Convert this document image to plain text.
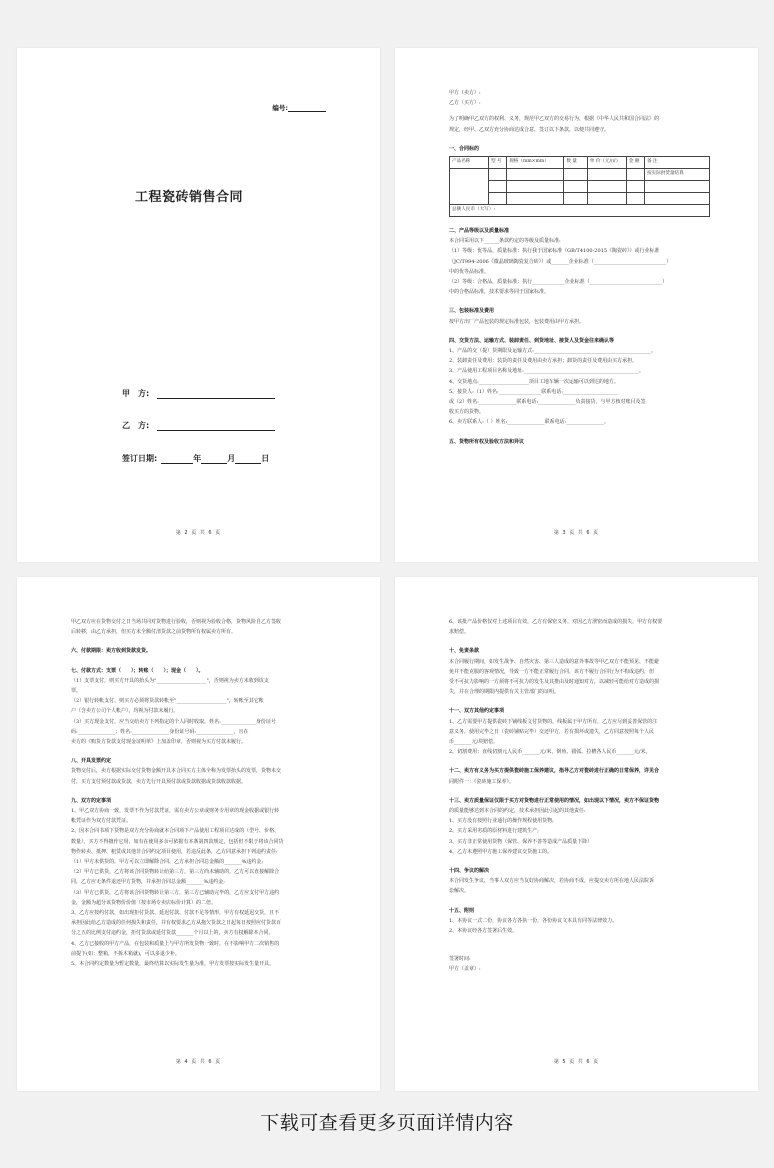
编号:
工程瓷砖销售合同
甲　方:
乙　方:
签订日期:	年	月	日
第 2 页 共 6 页

甲方（卖方）:

乙方（买方）:

为了明确甲乙双方的权利、义务，规范甲乙双方的交易行为，根据《中华人民共和国合同法》的

规定，经甲、乙双方充分协商达成合意，签订以下条款，以便共同遵守。

一、合同标的

产品名称	型 号	规格（mm×mm）	数 量	单 价（元/㎡）	金 额	备 注
						按实际供货量结算

总额人民币（大写）:						

二、产品等级以及质量标准

本合同采用以下______条款约定的等级及质量标准:

（1）等级：优等品，质量标准：执行我于国家标准（GB/T4100-2015《陶瓷砖》）或行业标准

（JC/T994-2006《微晶玻璃陶瓷复合砖》）或_______企业标准（_____________________________）

中的优等品标准。

（2）等级：合格品，质量标准：执行_____________企业标准（_____________________________）

中的合格品标准，技术要求等同于国家标准。

三、包装标准及费用

按甲方出厂产品包装的规定标准包装，包装费用由甲方承担。

四、交货方法、运输方式、装卸责任、到货地址、接货人及货金往来确认等

1、产品的交（提）货期限及运输方式:_______________________________________________。

2、装卸责任及费用：装货的责任及费用由卖方承担；卸货的责任及费用由买方承担。

3、产品使用工程项目名称及地址:______________________________________________。

4、交货地点:____________________项目工地车辆一次运输可以到达的地方。

5、接货人:（1）姓名:_________________联系电话:______________________

或（2）姓名:_______________联系电话:_______________负责接货，与甲方核对账目及签

收买方的货物。

6、卖方联系人:（ ）姓名:_______________联系电话:_______________。

五、货物所有权及验收方法和异议

第 3 页 共 6 页

甲乙双方应在货物交付之日当场共同对货物进行验收，否则视为验收合格，货物风险自乙方签收

后转移，由乙方承担，但买方未全额付清货款之前货物所有权属卖方所有。

六、付款期限：卖方收到货款发货。

七、付款方式：支票（　　）；转账（　　）；现金（　　）。

（1）支票支付，则买方开具的抬头为"____________________"，否则视为卖方未收到该支

票。

（2）银行转帐支付，则买方必须将货款转帐至"____________________"，转帐至其它帐

户（含卖方公司个人帐户），均视为付款未履行。

（3）买方现金支付，应当交给卖方下列指定的个人同时收取，姓名:______________身份证号

码:_______________；姓名:_______________身份证号码:_______________，且在

卖方的《购货方货款支付现金证明单》上加盖印章，否则视为买方付款未履行。

八、开具发票约定

货物交付后，卖方根据实际交付货物金额开具本合同买方主体全称为发票抬头的发票，货物未交

付，买方支付预付款或货款，卖方先行开具预付款或货款收据或货款收款收据。

九、双方的定事项

1、甲乙双方协商一致，发票不作为付款凭证，需有卖方公章或财务专用章的现金收据或银行转

帐凭证作为双方付款凭证。

2、因本合同书项下货物是双方充分协商就本合同项下产品使用工程项目达成的（型号、价格、

数量），买方不得擅作它用，如有在使用多余可依据有本条第四款规定，包括但不限于将该合同货

物作转卖、抵押、租赁或其他非合同约定项目使用，若违反此条，乙方同意承担下列违约责任:

（1）甲方未供货的，甲方可以立即解除合同，乙方承担合同总金额的_______%违约金;

（2）甲方已供货，乙方将该合同货物转让给第三方，第三方尚未辅助的，乙方可以直接解除合

同，乙方应无条件退还甲方货物，并承担合同总金额_______%违约金;

（3）甲方已供货，乙方将该合同货物转让第三方，第三方已辅助完毕的，乙方应支付甲方违约

金，金额为超分该货物价价值（按市场专卖店标价计算）的二倍。

3、乙方应按约付款，如出现拒付货款、延迟付款、付款不足等情形，甲方有权延迟交货，且不

承担因此给乙方造成的任何损失和责任，并有权要求乙方从拖欠货款之日起每日按照应付货款百

分之五的比例支付违约金，拒付货款或延付货款_______个月以上的，卖方有权解除本合同。

4、乙方已接收的甲方产品，在包装和质量上与甲方所发货物一致时，在不影响甲方二次销售的

前提下(如：整箱，不拆木箱就)，可以多退少补。

5、本合同约定数量为暂定数量，最终结算以实际发生量为准，甲方发票按实际发生量开具。

第 4 页 共 6 页

6、该批产品价格仅对上述项目有效，乙方有保密义务，对因乙方泄密而造成的损失，甲方有权要

求赔偿。

十、免责条款

本合同履行期间，如发生战争、自然灾害、第三人造成的意外事故等甲乙双方不能预见、不能避

免并不能克服的客观情况，导致一方不能正常履行合同，该方不履行合同行为不构成违约，但

受不可抗力影响的一方须将不可抗力的发生及其推由及时通知对方，以减轻可能给对方造成的损

失，并在合理的期限内提供有关主管部门的证明。

十一、双方其他约定事项

1、乙方需要甲方提供瓷砖下铺线板文付货物的，线板属于甲方所有，乙方应尽到妥善保管的注

意义务，使用完毕之日（瓷砖铺贴完毕）交还甲方，若有损坏或遗失，乙方同意按照每个人民

币_______元/块赔偿。

2、切割费用：直线切割元人民币_______元/米，倒角、圆弧、拉槽各人民币_______元/米。

十二、卖方有义务为买方提供瓷砖施工保养建议，指导乙方对瓷砖进行正确的日常保养，详见合

同附件一：《瓷砖施工保养》。

十三、卖方质量保证仅限于买方对货物进行正常使用的情况，如出现以下情况，卖方不保证货物

的质量能够达到本合同的约定，技术承担因此引起的其他责任:

1、买方没有按照行业通行的操作规程使用货物;

2、买方采用劣质的原材料进行建筑生产;

3、买方非正常使用货物（保管、保养不善等造成产品质量下降）

4、乙方未遵照甲方施工保养建议交货施工的。

十四、争议的解决

本合同发生争议，当事人双方应当友好协商解决，若协商不成，应提交卖方所在地人民法院诉

讼解决。

十五、附则

1、本协议一式二份，协议各方各执一份，各份协议文本具有同等法律效力。

2、本协议经各方签署后生效。

签署时间:

甲方（盖章）:

第 5 页 共 6 页
下载可查看更多页面详情内容
